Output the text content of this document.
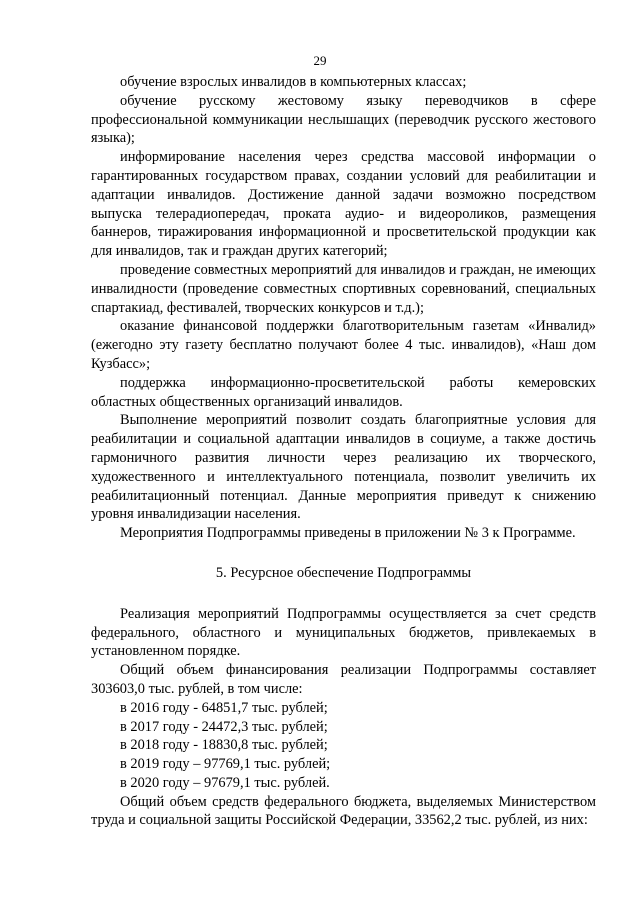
29

обучение взрослых инвалидов в компьютерных классах;

обучение русскому жестовому языку переводчиков в сфере профессиональной коммуникации неслышащих (переводчик русского жестового языка);

информирование населения через средства массовой информации о гарантированных государством правах, создании условий для реабилитации и адаптации инвалидов. Достижение данной задачи возможно посредством выпуска телерадиопередач, проката аудио- и видеороликов, размещения баннеров, тиражирования информационной и просветительской продукции как для инвалидов, так и граждан других категорий;

проведение совместных мероприятий для инвалидов и граждан, не имеющих инвалидности (проведение совместных спортивных соревнований, специальных спартакиад, фестивалей, творческих конкурсов и т.д.);

оказание финансовой поддержки благотворительным газетам «Инвалид» (ежегодно эту газету бесплатно получают более 4 тыс. инвалидов), «Наш дом Кузбасс»;

поддержка информационно-просветительской работы кемеровских областных общественных организаций инвалидов.

Выполнение мероприятий позволит создать благоприятные условия для реабилитации и социальной адаптации инвалидов в социуме, а также достичь гармоничного развития личности через реализацию их творческого, художественного и интеллектуального потенциала, позволит увеличить их реабилитационный потенциал. Данные мероприятия приведут к снижению уровня инвалидизации населения.

Мероприятия Подпрограммы приведены в приложении № 3 к Программе.

5. Ресурсное обеспечение Подпрограммы

Реализация мероприятий Подпрограммы осуществляется за счет средств федерального, областного и муниципальных бюджетов, привлекаемых в установленном порядке.

Общий объем финансирования реализации Подпрограммы составляет 303603,0 тыс. рублей, в том числе:

в 2016 году - 64851,7 тыс. рублей;

в 2017 году - 24472,3 тыс. рублей;

в 2018 году - 18830,8 тыс. рублей;

в 2019 году – 97769,1 тыс. рублей;

в 2020 году – 97679,1 тыс. рублей.

Общий объем средств федерального бюджета, выделяемых Министерством труда и социальной защиты Российской Федерации, 33562,2 тыс. рублей, из них:
